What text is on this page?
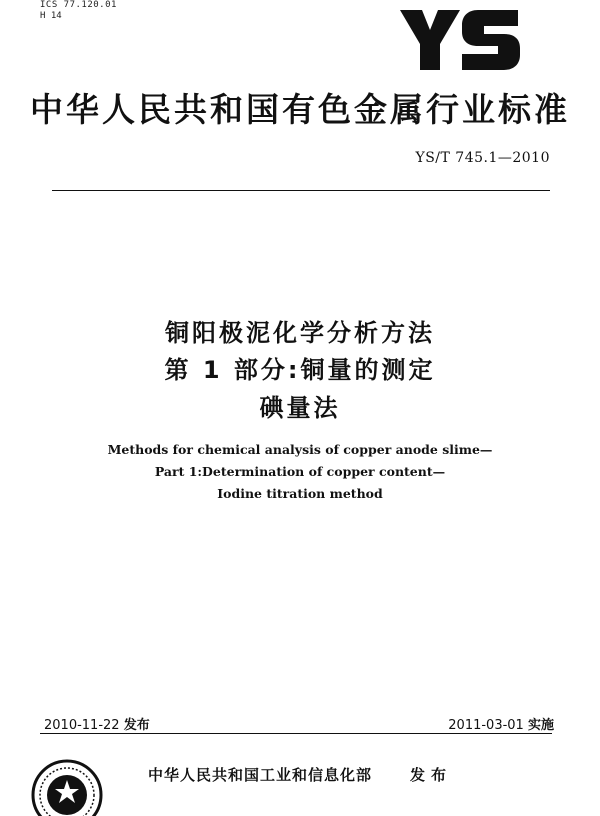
ICS 77.120.01
H 14
中华人民共和国有色金属行业标准
YS/T 745.1—2010
铜阳极泥化学分析方法
第 1 部分:铜量的测定
碘量法
Methods for chemical analysis of copper anode slime—
Part 1:Determination of copper content—
Iodine titration method
2010-11-22 发布	2011-03-01 实施
中华人民共和国工业和信息化部	发布
